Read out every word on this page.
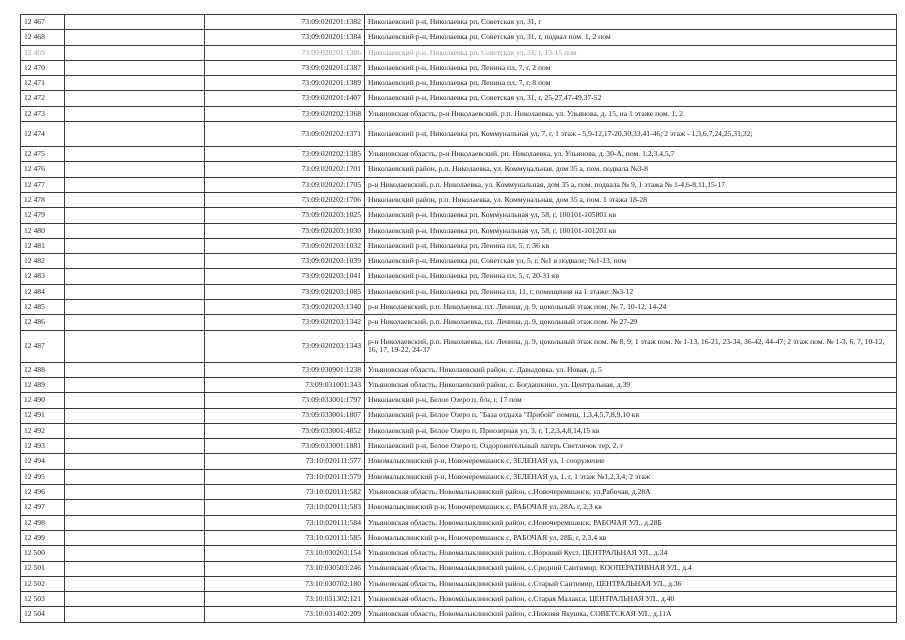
12 467		73:09:020201:1382	Николаевский р-н, Николаевка рп, Советская ул, 31, г
12 468		73:09:020201:1384	Николаевский р-н, Николаевка рп, Советская ул, 31, г, подвал пом. 1, 2 пом
12 469		73:09:020201:1386	Николаевский р-н, Николаевка рп, Советская ул, 31, г, 13-15 пом
12 470		73:09:020201:1387	Николаевский р-н, Николаевка рп, Ленина пл, 7, г, 2 пом
12 471		73:09:020201:1389	Николаевский р-н, Николаевка рп, Ленина пл, 7, г, 8 пом
12 472		73:09:020201:1407	Николаевский р-н, Николаевка рп, Советская ул, 31, г, 25-27,47-49,37-52
12 473		73:09:020202:1368	Ульяновская область, р-н Николаевский, р.п. Николаевка, ул. Ульянова, д. 15, на 1 этаже пом. 1, 2
12 474		73:09:020202:1371	Николаевский р-н, Николаевка рп, Коммунальная ул, 7, г, 1 этаж - 5,9-12,17-20,30,33,41-46; 2 этаж - 1,3,6,7,24,25,31,32;
12 475		73:09:020202:1385	Ульяновская область, р-н Николаевский, рп. Николаевка, ул. Ульянова, д. 30-А, пом. 1,2,3,4,5,7
12 476		73:09:020202:1701	Николаевский район, р.п. Николаевка, ул. Коммунальная, дом 35 а, пом. подвала №3-8
12 477		73:09:020202:1705	р-н Николаевский, р.п. Николаевка, ул. Коммунальная, дом 35 а, пом. подвала № 9, 1 этажа № 1-4,6-8,11,15-17
12 478		73:09:020202:1706	Николаевский район, р.п. Николаевка, ул. Коммунальная, дом 35 а, пом. 1 этажа 18-28
12 479		73:09:020203:1025	Николаевский р-н, Николаевка рп, Коммунальная ул, 58, г, 100101-105801 кв
12 480		73:09:020203:1030	Николаевский р-н, Николаевка рп, Коммунальная ул, 58, г, 100101-101201 кв
12 481		73:09:020203:1032	Николаевский р-н, Николаевка рп, Ленина пл, 5, г, 36 кв
12 482		73:09:020203:1039	Николаевский р-н, Николаевка рп, Советская ул, 5, г, №1 в подвале; №1-13, пом
12 483		73:09:020203:1041	Николаевский р-н, Николаевка рп, Ленина пл, 5, г, 20-31 кв
12 484		73:09:020203:1085	Николаевский р-н, Николаевка рп, Ленина пл, 11, г, помещения на 1 этаже: №3-12
12 485		73:09:020203:1340	р-н Николаевский, р.п. Николаевка, пл. Ленина, д. 9, цокольный этаж пом. № 7, 10-12, 14-24
12 486		73:09:020203:1342	р-н Николаевский, р.п. Николаевка, пл. Ленина, д. 9, цокольный этаж пом. № 27-29
12 487		73:09:020203:1343	р-н Николаевский, р.п. Николаевка, пл. Ленина, д. 9, цокольный этаж пом. № 8, 9; 1 этаж пом. № 1-13, 16-21, 23-34, 36-42, 44-47; 2 этаж пом. № 1-3, 6, 7, 10-12, 16, 17, 19-22, 24-37
12 488		73:09:030901:1238	Ульяновская область, Николаевский район, с. Давыдовка, ул. Новая, д. 5
12 489		73:09:031001:343	Ульяновская область, Николаевский район, с. Богдашкино, ул. Центральная, д.39
12 490		73:09:033001:1797	Николаевский р-н, Белое Озеро п, б/н, г, 17 пом
12 491		73:09:033001:1807	Николаевский р-н, Белое Озеро п, "База отдыха "Прибой" помещ. 1,3,4,5,7,8,9,10 кв
12 492		73:09:033001:4852	Николаевский р-н, Белое Озеро п, Приозерная ул, 3, г, 1,2,3,4,8,14,15 кв
12 493		73:09:033001:1881	Николаевский р-н, Белое Озеро п, Оздоровительный лагерь Светлячок тер, 2, г
12 494		73:10:020111:577	Новомалыклинский р-н, Новочеремшанск с, ЗЕЛЕНАЯ ул, 1 сооружение
12 495		73:10:020111:579	Новомалыклинский р-н, Новочеремшанск с, ЗЕЛЕНАЯ ул, 1, г, 1 этаж №1,2,3,4; 2 этаж
12 496		73:10:020111:582	Ульяновская область, Новомалыклинский район, с.Новочеремшанск, ул.Рабочая, д.28А
12 497		73:10:020111:583	Новомалыклинский р-н, Новочеремшанск с, РАБОЧАЯ ул, 28А, г, 2,3 кв
12 498		73:10:020111:584	Ульяновская область, Новомалыклинский район, с.Новочеремшанск, РАБОЧАЯ УЛ., д.28Б
12 499		73:10:020111:585	Новомалыклинский р-н, Новочеремшанск с, РАБОЧАЯ ул, 28Б, г, 2,3,4 кв
12 500		73:10:030203:154	Ульяновская область, Новомалыклинский район, с.Вороний Куст, ЦЕНТРАЛЬНАЯ УЛ., д.34
12 501		73:10:030503:246	Ульяновская область, Новомалыклинский район, с.Средний Сантимир, КООПЕРАТИВНАЯ УЛ., д.4
12 502		73:10:030702:180	Ульяновская область, Новомалыклинский район, с.Старый Сантимир, ЦЕНТРАЛЬНАЯ УЛ., д.36
12 503		73:10:031302:121	Ульяновская область, Новомалыклинский район, с.Старая Малакса, ЦЕНТРАЛЬНАЯ УЛ., д.40
12 504		73:10:031402:209	Ульяновская область, Новомалыклинский район, с.Нижняя Якушка, СОВЕТСКАЯ УЛ., д.11А
